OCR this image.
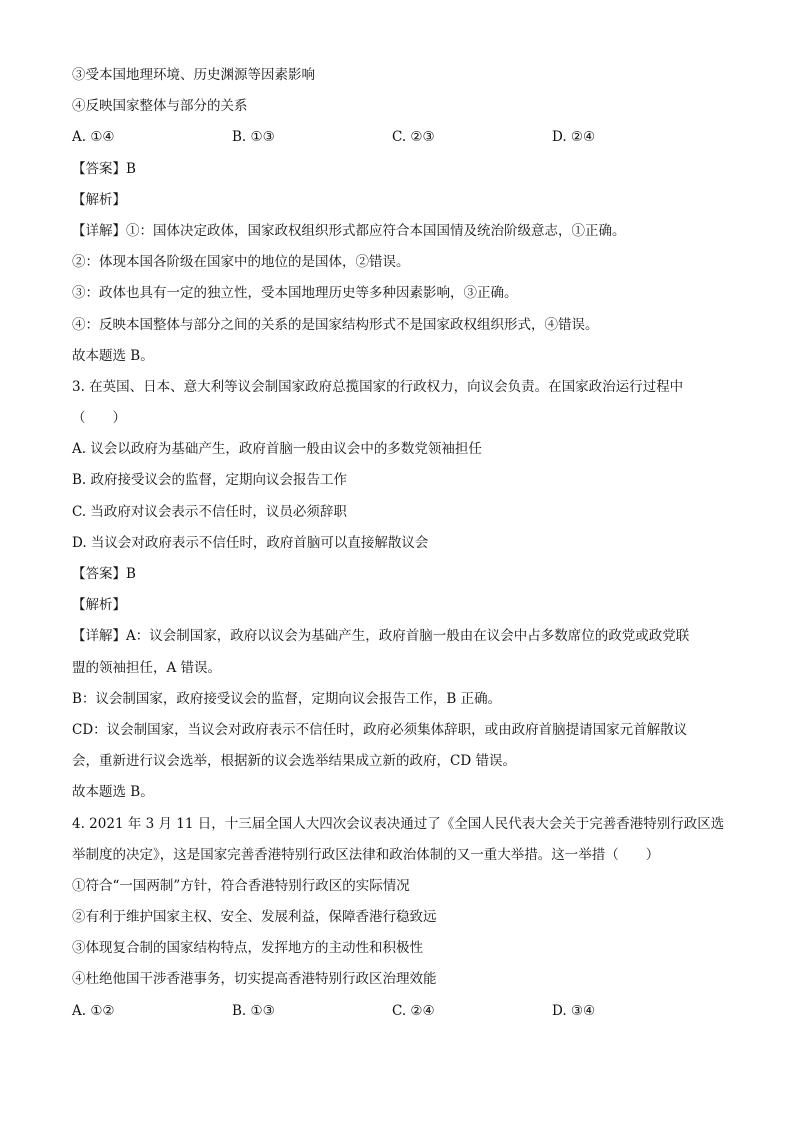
③受本国地理环境、历史渊源等因素影响
④反映国家整体与部分的关系
A. ①④	B. ①③	C. ②③	D. ②④
【答案】B
【解析】
【详解】①：国体决定政体，国家政权组织形式都应符合本国国情及统治阶级意志，①正确。
②：体现本国各阶级在国家中的地位的是国体，②错误。
③：政体也具有一定的独立性，受本国地理历史等多种因素影响，③正确。
④：反映本国整体与部分之间的关系的是国家结构形式不是国家政权组织形式，④错误。
故本题选 B。
3. 在英国、日本、意大利等议会制国家政府总揽国家的行政权力，向议会负责。在国家政治运行过程中
（　　）
A. 议会以政府为基础产生，政府首脑一般由议会中的多数党领袖担任
B. 政府接受议会的监督，定期向议会报告工作
C. 当政府对议会表示不信任时，议员必须辞职
D. 当议会对政府表示不信任时，政府首脑可以直接解散议会
【答案】B
【解析】
【详解】A：议会制国家，政府以议会为基础产生，政府首脑一般由在议会中占多数席位的政党或政党联
盟的领袖担任，A 错误。
B：议会制国家，政府接受议会的监督，定期向议会报告工作，B 正确。
CD：议会制国家，当议会对政府表示不信任时，政府必须集体辞职，或由政府首脑提请国家元首解散议
会，重新进行议会选举，根据新的议会选举结果成立新的政府，CD 错误。
故本题选 B。
4. 2021 年 3 月 11 日，十三届全国人大四次会议表决通过了《全国人民代表大会关于完善香港特别行政区选
举制度的决定》，这是国家完善香港特别行政区法律和政治体制的又一重大举措。这一举措（　　）
①符合“一国两制”方针，符合香港特别行政区的实际情况
②有利于维护国家主权、安全、发展利益，保障香港行稳致远
③体现复合制的国家结构特点，发挥地方的主动性和积极性
④杜绝他国干涉香港事务，切实提高香港特别行政区治理效能
A. ①②	B. ①③	C. ②④	D. ③④
